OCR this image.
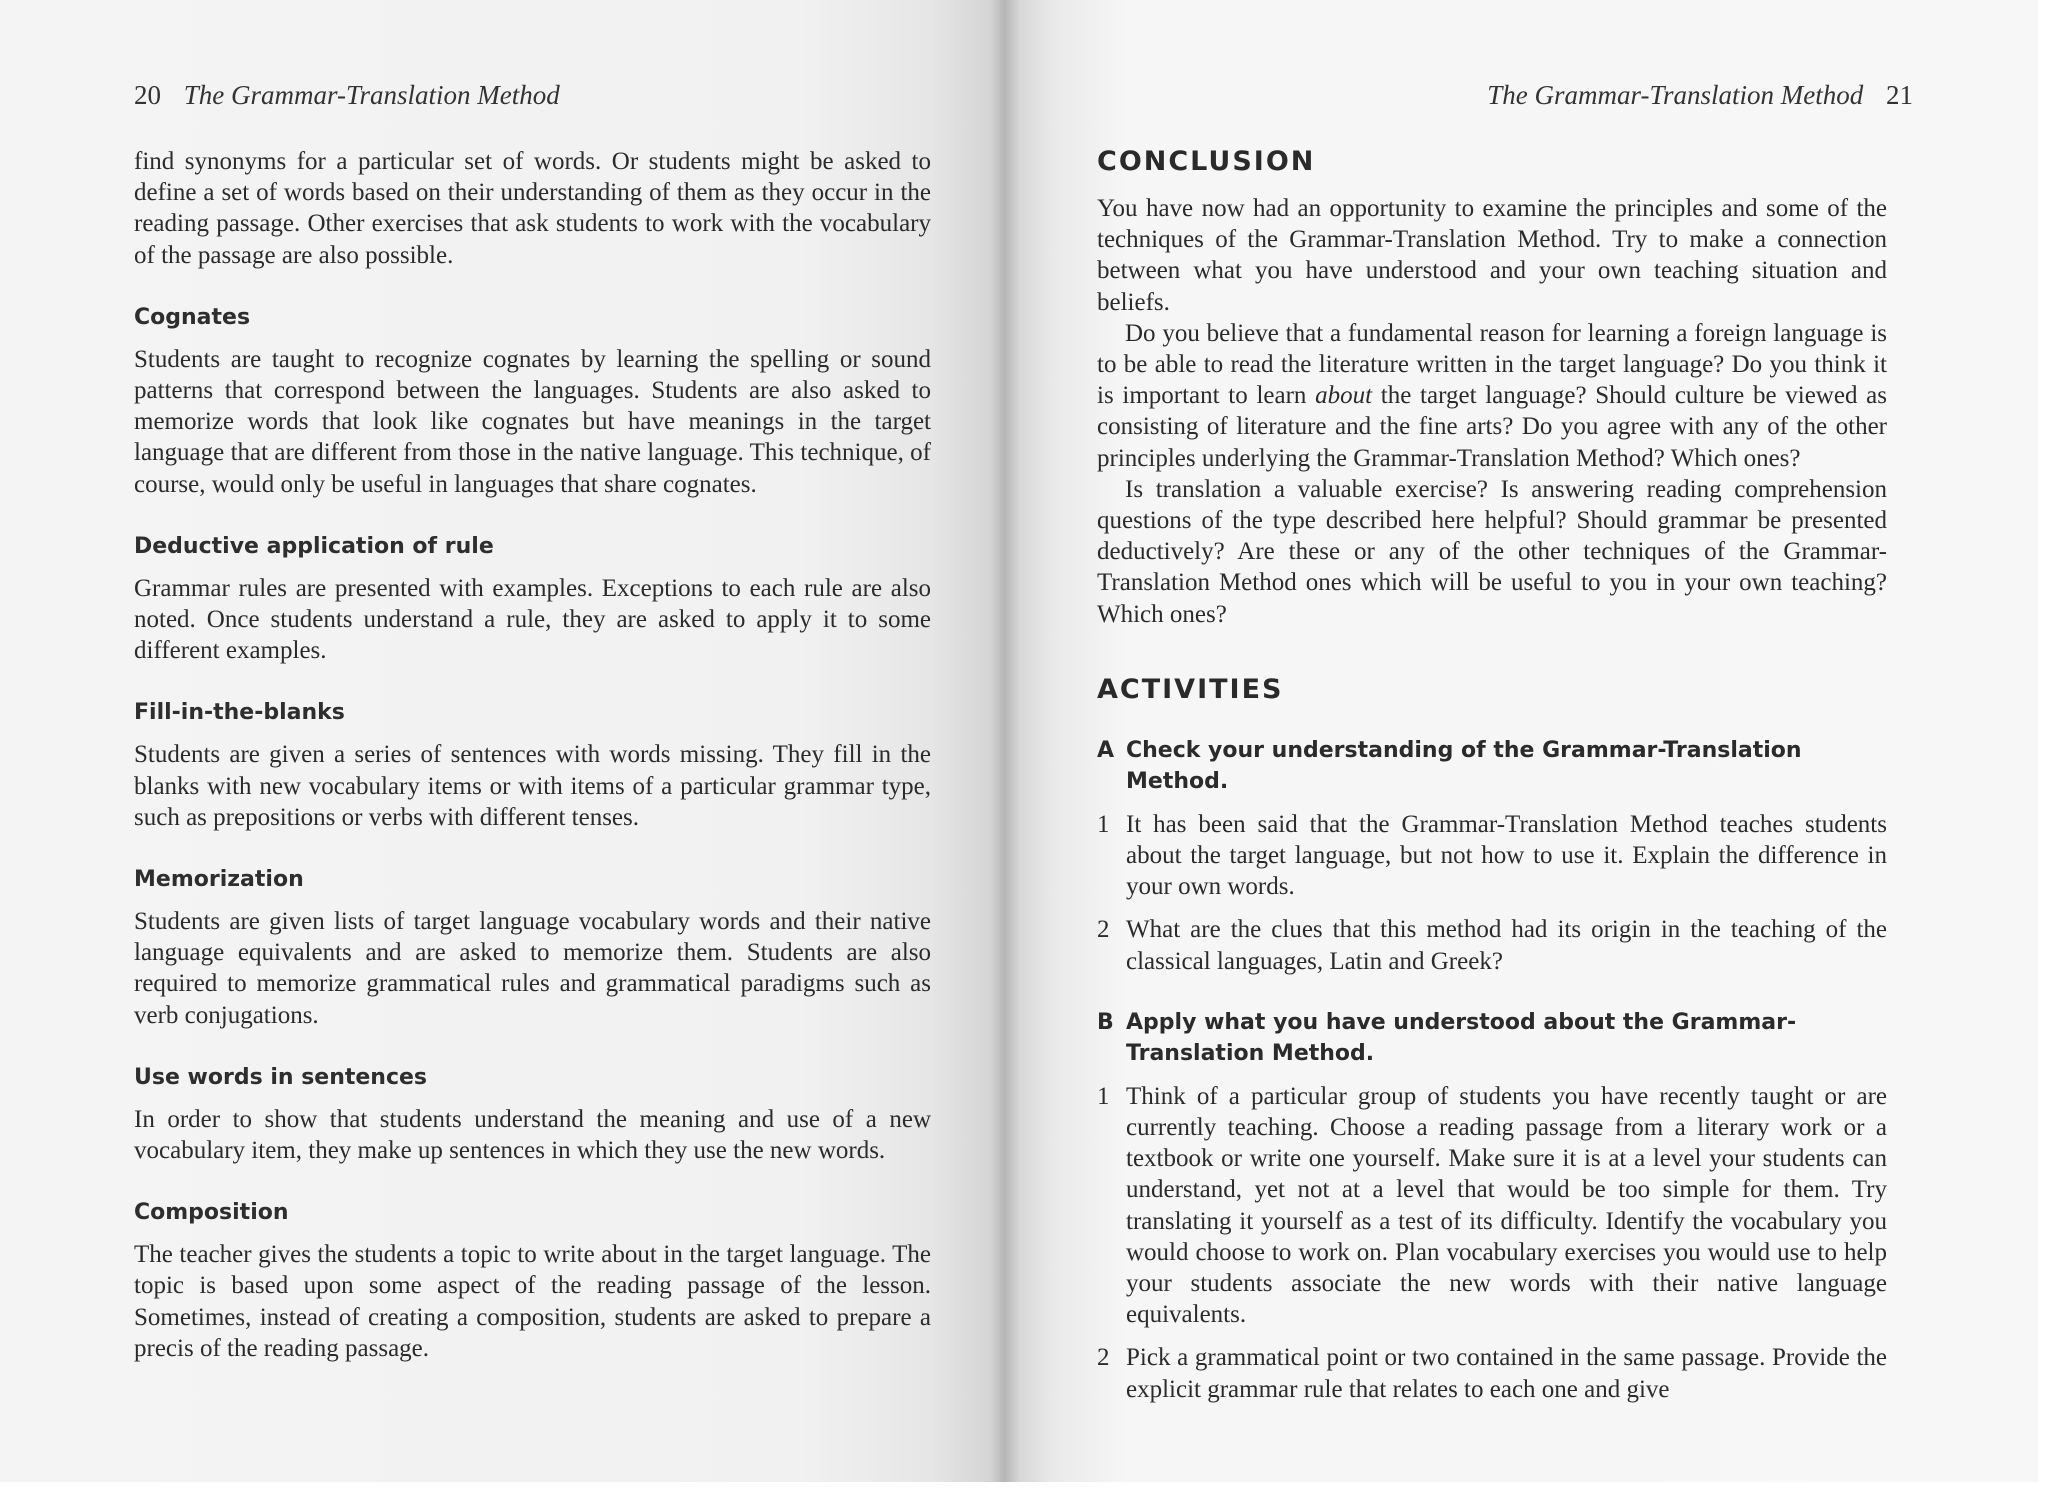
20 The Grammar-Translation Method

find synonyms for a particular set of words. Or students might be asked to define a set of words based on their understanding of them as they occur in the reading passage. Other exercises that ask students to work with the vocabulary of the passage are also possible.

Cognates

Students are taught to recognize cognates by learning the spelling or sound patterns that correspond between the languages. Students are also asked to memorize words that look like cognates but have meanings in the target language that are different from those in the native language. This technique, of course, would only be useful in languages that share cognates.

Deductive application of rule

Grammar rules are presented with examples. Exceptions to each rule are also noted. Once students understand a rule, they are asked to apply it to some different examples.

Fill-in-the-blanks

Students are given a series of sentences with words missing. They fill in the blanks with new vocabulary items or with items of a particular grammar type, such as prepositions or verbs with different tenses.

Memorization

Students are given lists of target language vocabulary words and their native language equivalents and are asked to memorize them. Students are also required to memorize grammatical rules and grammatical paradigms such as verb conjugations.

Use words in sentences

In order to show that students understand the meaning and use of a new vocabulary item, they make up sentences in which they use the new words.

Composition

The teacher gives the students a topic to write about in the target language. The topic is based upon some aspect of the reading passage of the lesson. Sometimes, instead of creating a composition, students are asked to prepare a precis of the reading passage.

The Grammar-Translation Method 21
CONCLUSION

You have now had an opportunity to examine the principles and some of the techniques of the Grammar-Translation Method. Try to make a connection between what you have understood and your own teaching situation and beliefs.

Do you believe that a fundamental reason for learning a foreign language is to be able to read the literature written in the target language? Do you think it is important to learn about the target language? Should culture be viewed as consisting of literature and the fine arts? Do you agree with any of the other principles underlying the Grammar-Translation Method? Which ones?

Is translation a valuable exercise? Is answering reading comprehension questions of the type described here helpful? Should grammar be presented deductively? Are these or any of the other techniques of the Grammar-Translation Method ones which will be useful to you in your own teaching? Which ones?

ACTIVITIES
A Check your understanding of the Grammar-Translation Method.
1 It has been said that the Grammar-Translation Method teaches students about the target language, but not how to use it. Explain the difference in your own words.
2 What are the clues that this method had its origin in the teaching of the classical languages, Latin and Greek?
B Apply what you have understood about the Grammar-Translation Method.
1 Think of a particular group of students you have recently taught or are currently teaching. Choose a reading passage from a literary work or a textbook or write one yourself. Make sure it is at a level your students can understand, yet not at a level that would be too simple for them. Try translating it yourself as a test of its difficulty. Identify the vocabulary you would choose to work on. Plan vocabulary exercises you would use to help your students associate the new words with their native language equivalents.
2 Pick a grammatical point or two contained in the same passage. Provide the explicit grammar rule that relates to each one and give
